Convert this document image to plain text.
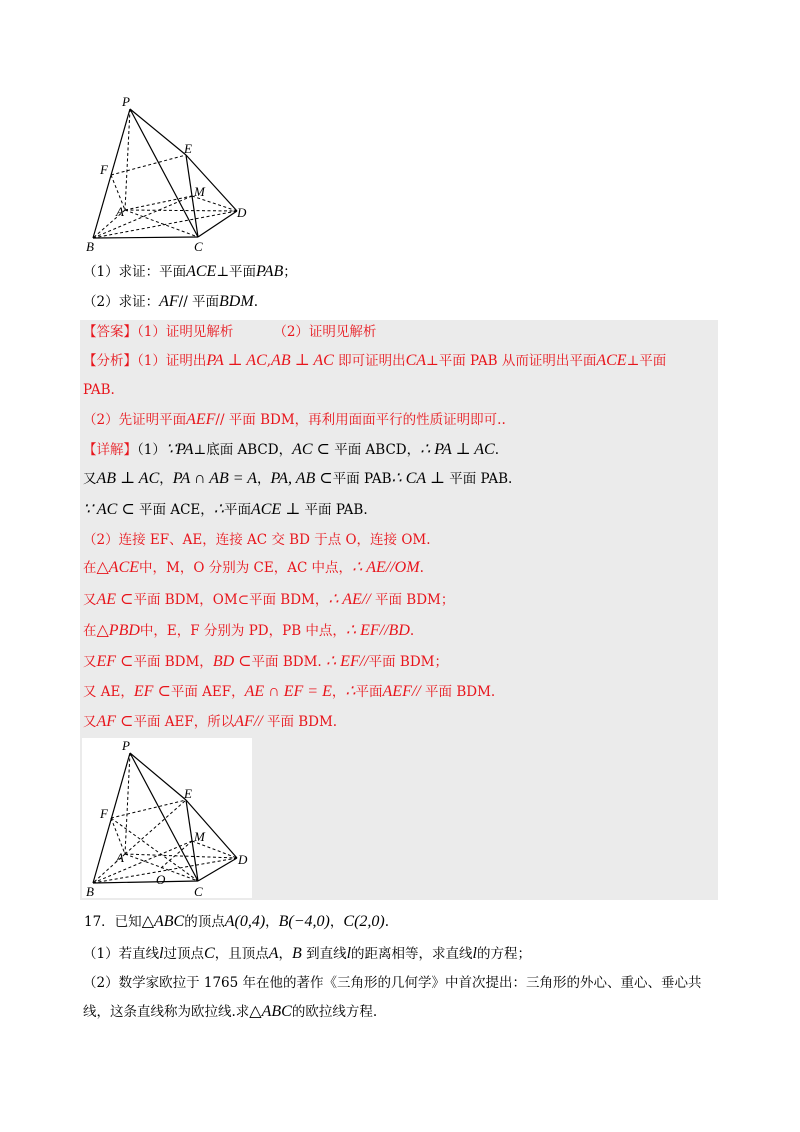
P
E
F
M
A	D
B	C
（1）求证：平面ACE⊥平面PAB；
（2）求证：AF// 平面BDM.
【答案】（1）证明见解析	（2）证明见解析
【分析】（1）证明出PA ⊥ AC,AB ⊥ AC 即可证明出CA⊥平面 PAB 从而证明出平面ACE⊥平面
PAB.
（2）先证明平面AEF// 平面 BDM，再利用面面平行的性质证明即可..
【详解】（1）∵PA⊥底面 ABCD，AC ⊂ 平面 ABCD，∴ PA ⊥ AC.
又AB ⊥ AC，PA ∩ AB = A，PA, AB ⊂平面 PAB∴ CA ⊥ 平面 PAB.
∵ AC ⊂ 平面 ACE，∴平面ACE ⊥ 平面 PAB.
（2）连接 EF、AE，连接 AC 交 BD 于点 O，连接 OM.
在△ACE中，M，O 分别为 CE，AC 中点，∴ AE//OM.
又AE ⊂平面 BDM，OM⊂平面 BDM，∴ AE// 平面 BDM；
在△PBD中，E，F 分别为 PD，PB 中点，∴ EF//BD.
又EF ⊂平面 BDM，BD ⊂平面 BDM. ∴ EF//平面 BDM；
又 AE，EF ⊂平面 AEF，AE ∩ EF = E，∴平面AEF// 平面 BDM.
又AF ⊂平面 AEF，所以AF// 平面 BDM.
P
E
F
M
A	D
O
B	C
17．已知△ABC的顶点A(0,4)，B(−4,0)，C(2,0).
（1）若直线l过顶点C，且顶点A，B 到直线l的距离相等，求直线l的方程；
（2）数学家欧拉于 1765 年在他的著作《三角形的几何学》中首次提出：三角形的外心、重心、垂心共
线，这条直线称为欧拉线.求△ABC的欧拉线方程.
